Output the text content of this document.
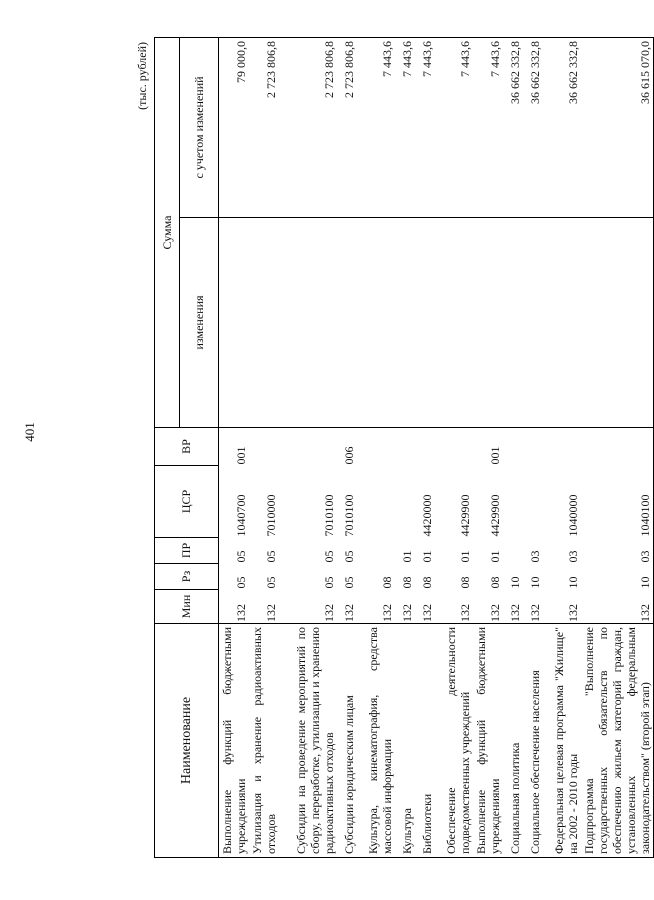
401
(тыс. рублей)
Наименование	Мин	Рз	ПР	ЦСР	ВР	Сумма	
						изменения	с учетом изменений
Выполнение функций бюджетными учреждениями	132	05	05	1040700	001		79 000,0
Утилизация и хранение радиоактивных отходов	132	05	05	7010000			2 723 806,8
Субсидии на проведение мероприятий по сбору, переработке, утилизации и хранению радиоактивных отходов	132	05	05	7010100			2 723 806,8
Субсидии юридическим лицам	132	05	05	7010100	006		2 723 806,8
Культура, кинематография, средства массовой информации	132	08					7 443,6
Культура	132	08	01				7 443,6
Библиотеки	132	08	01	4420000			7 443,6
Обеспечение деятельности подведомственных учреждений	132	08	01	4429900			7 443,6
Выполнение функций бюджетными учреждениями	132	08	01	4429900	001		7 443,6
Социальная политика	132	10					36 662 332,8
Социальное обеспечение населения	132	10	03				36 662 332,8
Федеральная целевая программа "Жилище" на 2002 - 2010 годы	132	10	03	1040000			36 662 332,8
Подпрограмма "Выполнение государственных обязательств по обеспечению жильем категорий граждан, установленных федеральным законодательством" (второй этап)	132	10	03	1040100			36 615 070,0
